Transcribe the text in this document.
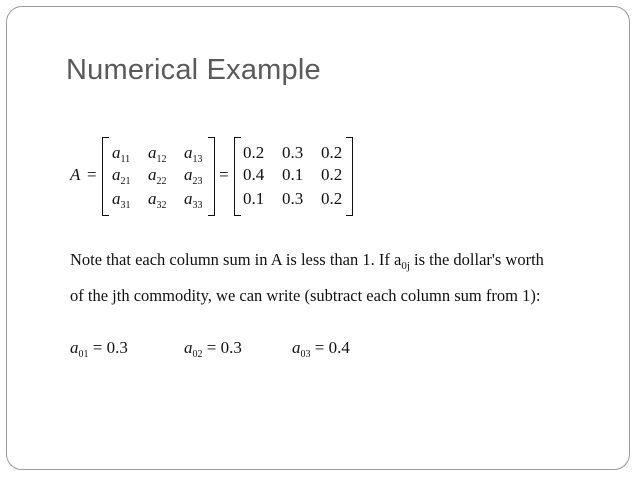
Numerical Example
A =
$a_{11}$	$a_{12}$	$a_{13}$
$a_{21}$	$a_{22}$	$a_{23}$
$a_{31}$	$a_{32}$	$a_{33}$
=
0.2 0.3 0.2
0.4 0.1 0.2
0.1 0.3 0.2
Note that each column sum in A is less than 1. If $a_{0j}$ is the dollar's worth
of the jth commodity, we can write (subtract each column sum from 1):
$a_{01} = 0.3$	$a_{02} = 0.3$	$a_{03} = 0.4$
